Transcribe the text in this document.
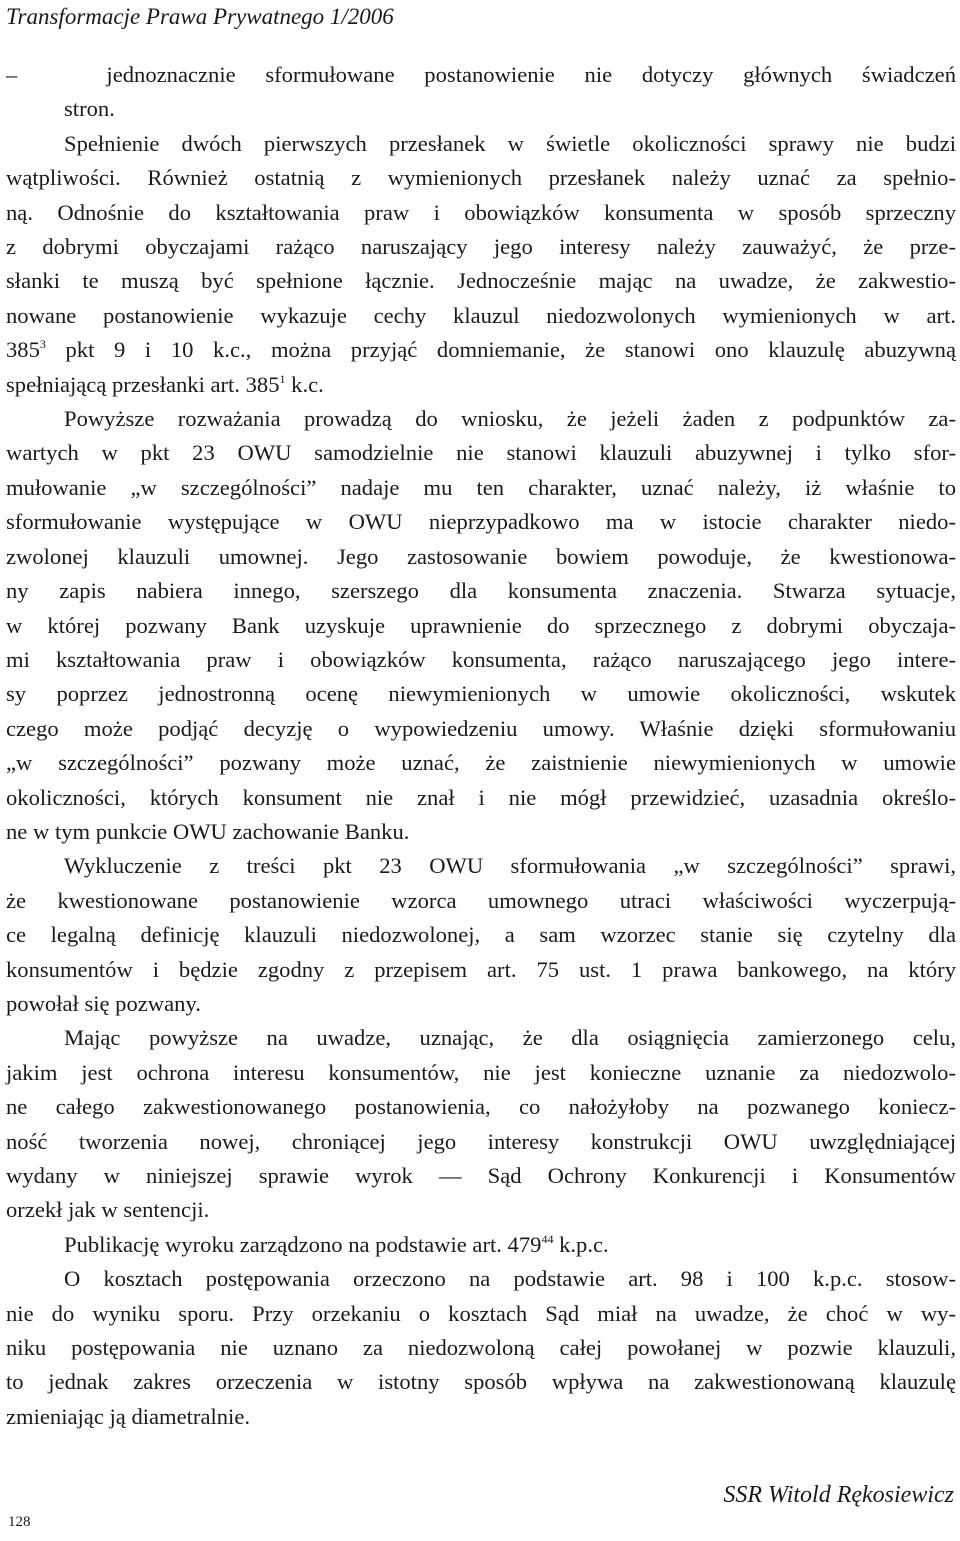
Transformacje Prawa Prywatnego 1/2006
–   jednoznacznie sformułowane postanowienie nie dotyczy głównych świadczeń
stron.
Spełnienie dwóch pierwszych przesłanek w świetle okoliczności sprawy nie budzi
wątpliwości. Również ostatnią z wymienionych przesłanek należy uznać za spełnio-
ną. Odnośnie do kształtowania praw i obowiązków konsumenta w sposób sprzeczny
z dobrymi obyczajami rażąco naruszający jego interesy należy zauważyć, że prze-
słanki te muszą być spełnione łącznie. Jednocześnie mając na uwadze, że zakwestio-
nowane postanowienie wykazuje cechy klauzul niedozwolonych wymienionych w art.
$385^3$ pkt 9 i 10 k.c., można przyjąć domniemanie, że stanowi ono klauzulę abuzywną
spełniającą przesłanki art. $385^1$ k.c.
Powyższe rozważania prowadzą do wniosku, że jeżeli żaden z podpunktów za-
wartych w pkt 23 OWU samodzielnie nie stanowi klauzuli abuzywnej i tylko sfor-
mułowanie „w szczególności” nadaje mu ten charakter, uznać należy, iż właśnie to
sformułowanie występujące w OWU nieprzypadkowo ma w istocie charakter niedo-
zwolonej klauzuli umownej. Jego zastosowanie bowiem powoduje, że kwestionowa-
ny zapis nabiera innego, szerszego dla konsumenta znaczenia. Stwarza sytuacje,
w której pozwany Bank uzyskuje uprawnienie do sprzecznego z dobrymi obyczaja-
mi kształtowania praw i obowiązków konsumenta, rażąco naruszającego jego intere-
sy poprzez jednostronną ocenę niewymienionych w umowie okoliczności, wskutek
czego może podjąć decyzję o wypowiedzeniu umowy. Właśnie dzięki sformułowaniu
„w szczególności” pozwany może uznać, że zaistnienie niewymienionych w umowie
okoliczności, których konsument nie znał i nie mógł przewidzieć, uzasadnia określo-
ne w tym punkcie OWU zachowanie Banku.
Wykluczenie z treści pkt 23 OWU sformułowania „w szczególności” sprawi,
że kwestionowane postanowienie wzorca umownego utraci właściwości wyczerpują-
ce legalną definicję klauzuli niedozwolonej, a sam wzorzec stanie się czytelny dla
konsumentów i będzie zgodny z przepisem art. 75 ust. 1 prawa bankowego, na który
powołał się pozwany.
Mając powyższe na uwadze, uznając, że dla osiągnięcia zamierzonego celu,
jakim jest ochrona interesu konsumentów, nie jest konieczne uznanie za niedozwolo-
ne całego zakwestionowanego postanowienia, co nałożyłoby na pozwanego koniecz-
ność tworzenia nowej, chroniącej jego interesy konstrukcji OWU uwzględniającej
wydany w niniejszej sprawie wyrok — Sąd Ochrony Konkurencji i Konsumentów
orzekł jak w sentencji.
Publikację wyroku zarządzono na podstawie art. $479^{44}$ k.p.c.
O kosztach postępowania orzeczono na podstawie art. 98 i 100 k.p.c. stosow-
nie do wyniku sporu. Przy orzekaniu o kosztach Sąd miał na uwadze, że choć w wy-
niku postępowania nie uznano za niedozwoloną całej powołanej w pozwie klauzuli,
to jednak zakres orzeczenia w istotny sposób wpływa na zakwestionowaną klauzulę
zmieniając ją diametralnie.
SSR Witold Rękosiewicz
128
